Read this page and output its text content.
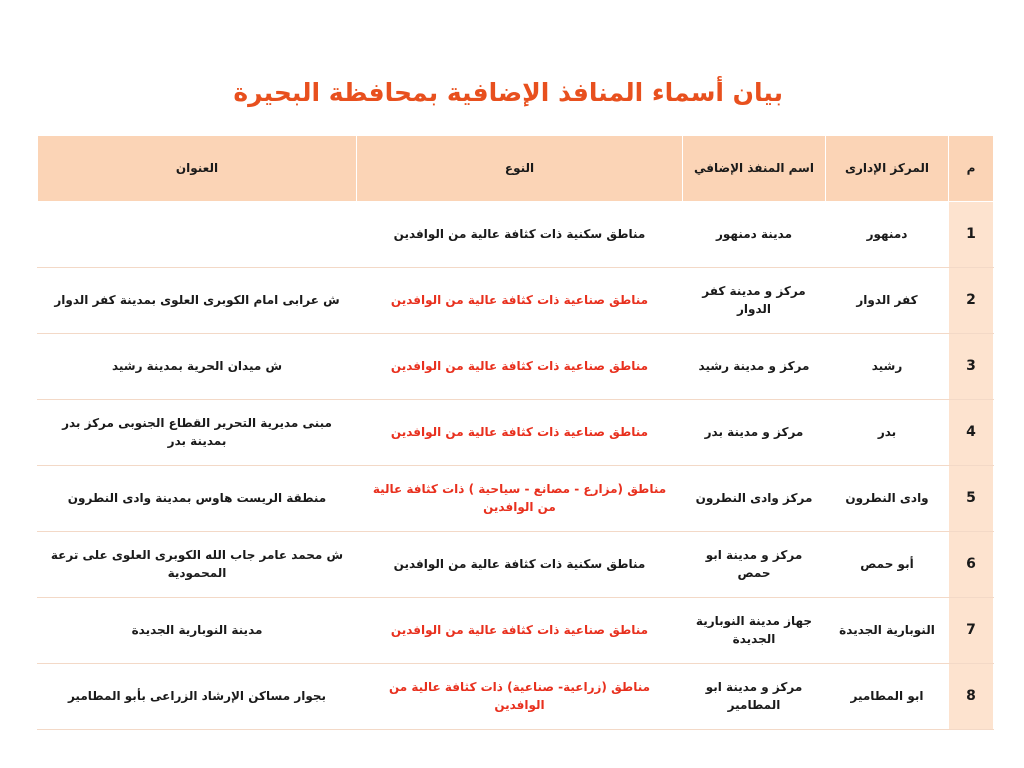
بيان أسماء المنافذ الإضافية بمحافظة البحيرة
م	المركز الإدارى	اسم المنفذ الإضافي	النوع	العنوان
1	دمنهور	مدينة دمنهور	مناطق سكنية ذات كثافة عالية من الوافدين	
2	كفر الدوار	مركز و مدينة كفر الدوار	مناطق صناعية ذات كثافة عالية من الوافدين	ش عرابى امام الكوبرى العلوى بمدينة كفر الدوار
3	رشيد	مركز و مدينة رشيد	مناطق صناعية ذات كثافة عالية من الوافدين	ش ميدان الحرية بمدينة رشيد
4	بدر	مركز و مدينة بدر	مناطق صناعية ذات كثافة عالية من الوافدين	مبنى مديرية التحرير القطاع الجنوبى مركز بدر بمدينة بدر
5	وادى النطرون	مركز وادى النطرون	مناطق (مزارع - مصانع - سياحية ) ذات كثافة عالية من الوافدين	منطقة الريست هاوس بمدينة وادى النطرون
6	أبو حمص	مركز و مدينة ابو حمص	مناطق سكنية ذات كثافة عالية من الوافدين	ش محمد عامر جاب الله الكوبرى العلوى على ترعة المحمودية
7	النوبارية الجديدة	جهاز مدينة النوبارية الجديدة	مناطق صناعية ذات كثافة عالية من الوافدين	مدينة النوبارية الجديدة
8	ابو المطامير	مركز و مدينة ابو المطامير	مناطق (زراعية- صناعية) ذات كثافة عالية من الوافدين	بجوار مساكن الإرشاد الزراعى بأبو المطامير
